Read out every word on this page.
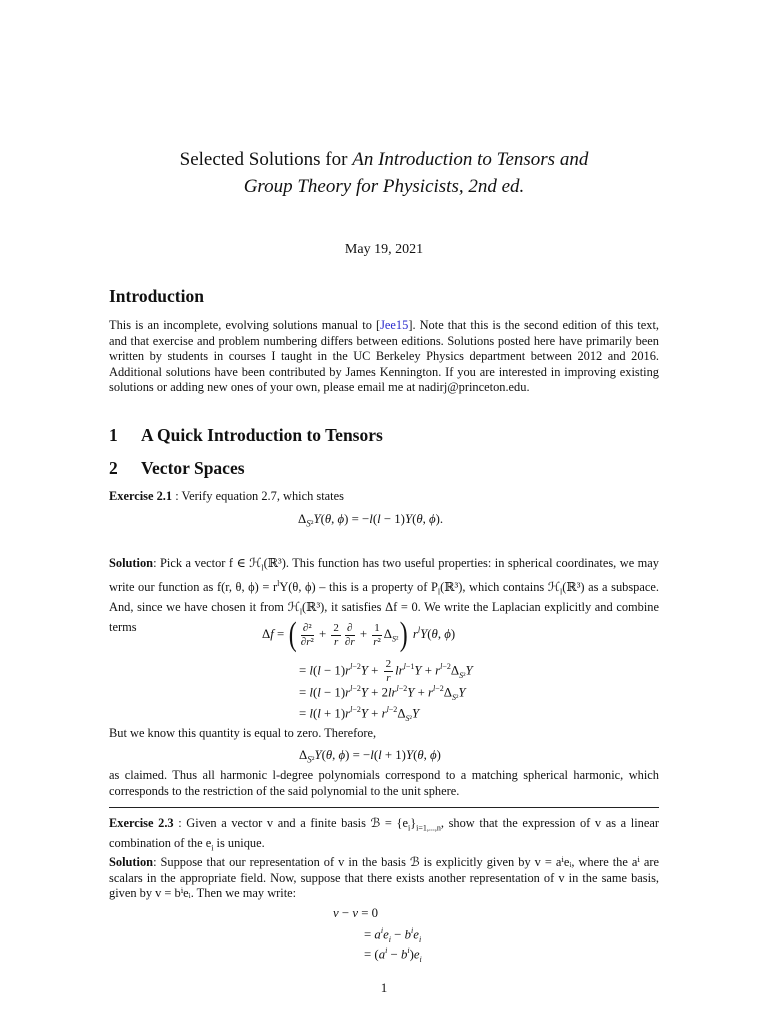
Selected Solutions for An Introduction to Tensors and
Group Theory for Physicists, 2nd ed.
May 19, 2021
Introduction

This is an incomplete, evolving solutions manual to [Jee15]. Note that this is the second edition of this text, and that exercise and problem numbering differs between editions. Solutions posted here have primarily been written by students in courses I taught in the UC Berkeley Physics department between 2012 and 2016. Additional solutions have been contributed by James Kennington. If you are interested in improving existing solutions or adding new ones of your own, please email me at nadirj@princeton.edu.

1 A Quick Introduction to Tensors
2 Vector Spaces

Exercise 2.1 : Verify equation 2.7, which states

$\Delta_{S^2}Y(\theta$, ϕ) = −l(l − 1)Y(θ, ϕ).

Solution: Pick a vector f ∈ ℋ$_l$(ℝ³). This function has two useful properties: in spherical coordinates, we may write our function as f(r, θ, $\phi) = r^lY(\theta$, ϕ) – this is a property of $P_l(ℝ^3)$, which contains ℋ$_l$(ℝ³) as a subspace. And, since we have chosen it from ℋ$_l$(ℝ³), it satisfies Δf = 0. We write the Laplacian explicitly and combine terms	Δf = ( $\frac{\text{∂²}}{\text{∂r²}} + \frac{2}{r} \frac{\partial}{\partial r} + \frac{1}{\text{r²}} \Delta_{S^2}$) $r^lY(\theta$, ϕ)
= $l(l - 1)r^{l-2}Y + \frac{2}{r} lr^{l-1}Y + r^{l-2}\Delta_{S^2}Y$
= $l(l - 1)r^{l-2}Y + 2lr^{l-2}Y + r^{l-2}\Delta_{S^2}Y$
= $l(l + 1)r^{l-2}Y + r^{l-2}\Delta_{S^2}Y$

But we know this quantity is equal to zero. Therefore,

$\Delta_{S^2}Y(\theta$, ϕ) = −l(l + 1)Y(θ, ϕ)

as claimed. Thus all harmonic l-degree polynomials correspond to a matching spherical harmonic, which corresponds to the restriction of the said polynomial to the unit sphere.

Exercise 2.3 : Given a vector v and a finite basis ℬ = $\{e_i\}_{i=1,...,n}$, show that the expression of v as a linear combination of the $e_i$ is unique.

Solution: Suppose that our representation of v in the basis ℬ is explicitly given by v = aⁱeᵢ, where the aⁱ are scalars in the appropriate field. Now, suppose that there exists another representation of v in the same basis, given by v = bⁱeᵢ. Then we may write:

v − v = 0
= $a^ie_i - b^ie_i$
= $(a^i - b^i)e_i$
1
